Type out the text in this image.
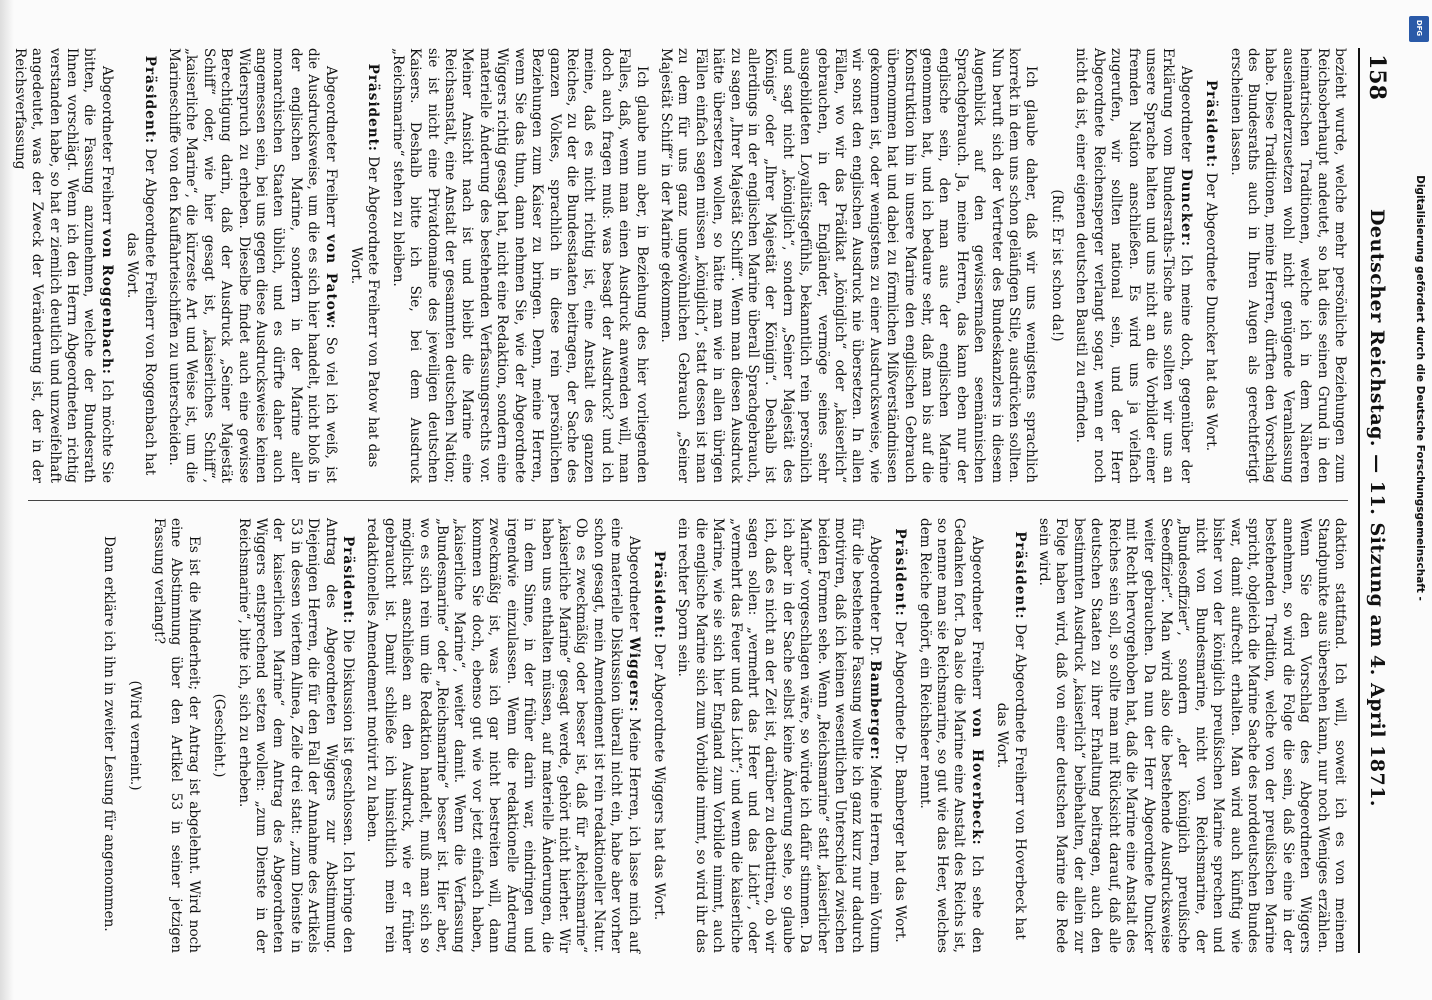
158
Deutscher Reichstag. — 11. Sitzung am 4. April 1871.

bezieht wurde, welche mehr persönliche Beziehungen zum Reichsoberhaupt andeutet, so hat dies seinen Grund in den heimatrischen Traditionen, welche ich in dem Näheren auseinanderzusetzen wohl nicht genügende Veranlassung habe. Diese Traditionen, meine Herren, dürften den Vorschlag des Bundesraths auch in Ihren Augen als gerechtfertigt erscheinen lassen.

Präsident: Der Abgeordnete Duncker hat das Wort.

Abgeordneter Duncker: Ich meine doch, gegenüber der Erklärung vom Bundesraths-Tische aus sollten wir uns an unsere Sprache halten und uns nicht an die Vorbilder einer fremden Nation anschließen. Es wird uns ja vielfach zugerufen, wir sollten national sein, und der Herr Abgeordnete Reichensperger verlangt sogar, wenn er noch nicht da ist, einer eigenen deutschen Baustil zu erfinden.

(Ruf: Er ist schon da!)

Ich glaube daher, daß wir uns wenigstens sprachlich korrekt in dem uns schon geläufigen Stile, ausdrücken sollten. Nun beruft sich der Vertreter des Bundeskanzlers in diesem Augenblick auf den gewissermaßen seemännischen Sprachgebrauch. Ja, meine Herren, das kann eben nur der englische sein, den man aus der englischen Marine genommen hat, und ich bedaure sehr, daß man bis auf die Konstruktion hin in unsere Marine den englischen Gebrauch übernommen hat und dabei zu förmlichen Mißverständnissen gekommen ist, oder wenigstens zu einer Ausdrucksweise, wie wir sonst den englischen Ausdruck nie übersetzen. In allen Fällen, wo wir das Prädikat „königlich“ oder „kaiserlich“ gebrauchen, in der Engländer, vermöge seines sehr ausgebildeten Loyalitätsgefühls, bekanntlich rein persönlich und sagt nicht „königlich“, sondern „Seiner Majestät des Königs“ oder „Ihrer Majestät der Königin“. Deshalb ist allerdings in der englischen Marine überall Sprachgebrauch, zu sagen „Ihrer Majestät Schiff“. Wenn man diesen Ausdruck hätte übersetzen wollen, so hätte man wie in allen übrigen Fällen einfach sagen müssen „königlich“, statt dessen ist man zu dem für uns ganz ungewöhnlichen Gebrauch „Seiner Majestät Schiff“ in der Marine gekommen.

Ich glaube nun aber, in Beziehung des hier vorliegenden Falles, daß, wenn man einen Ausdruck anwenden will, man doch auch fragen muß: was besagt der Ausdruck? und ich meine, daß es nicht richtig ist, eine Anstalt des ganzen Reiches, zu der die Bundesstaaten beitragen, der Sache des ganzen Volkes, sprachlich in diese rein persönlichen Beziehungen zum Kaiser zu bringen. Denn, meine Herren, wenn Sie das thun, dann nehmen Sie, wie der Abgeordnete Wiggers richtig gesagt hat, nicht eine Redaktion, sondern eine materielle Änderung des bestehenden Verfassungsrechts vor. Meiner Ansicht nach ist und bleibt die Marine eine Reichsanstalt, eine Anstalt der gesammten deutschen Nation; sie ist nicht eine Privatdomaine des jeweiligen deutschen Kaisers. Deshalb bitte ich Sie, bei dem Ausdruck „Reichsmarine“ stehen zu bleiben.

Präsident: Der Abgeordnete Freiherr von Patow hat das Wort.

Abgeordneter Freiherr von Patow: So viel ich weiß, ist die Ausdrucksweise, um die es sich hier handelt, nicht bloß in der englischen Marine, sondern in der Marine aller monarchischen Staaten üblich, und es dürfte daher auch angemessen sein, bei uns gegen diese Ausdrucksweise keinen Widerspruch zu erheben. Dieselbe findet auch eine gewisse Berechtigung darin, daß der Ausdruck „Seiner Majestät Schiff“ oder, wie hier gesagt ist, „kaiserliches Schiff“, „kaiserliche Marine“, die kürzeste Art und Weise ist, um die Marineschiffe von den Kauffahrteischiffen zu unterscheiden.

Präsident: Der Abgeordnete Freiherr von Roggenbach hat das Wort.

Abgeordneter Freiherr von Roggenbach: Ich möchte Sie bitten, die Fassung anzunehmen, welche der Bundesrath Ihnen vorschlägt. Wenn ich den Herrn Abgeordneten richtig verstanden habe, so hat er ziemlich deutlich und unzweifelhaft angedeutet, was der Zweck der Veränderung ist, der in der Reichsverfassung

daktion stattfand. Ich will, soweit ich es von meinem Standpunkte aus übersehen kann, nur noch Weniges erzählen. Wenn Sie den Vorschlag des Abgeordneten Wiggers annehmen, so wird die Folge die sein, daß Sie eine in der bestehenden Tradition, welche von der preußischen Marine spricht, obgleich die Marine Sache des norddeutschen Bundes war, damit aufrecht erhalten. Man wird auch künftig wie bisher von der königlich preußischen Marine sprechen und nicht von Bundesmarine, nicht von Reichsmarine, der „Bundesoffizier“, sondern „der königlich preußische Seeoffizier“. Man wird also die bestehende Ausdrucksweise weiter gebrauchen. Da nun der Herr Abgeordnete Duncker mit Recht hervorgehoben hat, daß die Marine eine Anstalt des Reiches sein soll, so sollte man mit Rücksicht darauf, daß alle deutschen Staaten zu ihrer Erhaltung beitragen, auch den bestimmten Ausdruck „kaiserlich“ beibehalten, der allein zur Folge haben wird, daß von einer deutschen Marine die Rede sein wird.

Präsident: Der Abgeordnete Freiherr von Hoverbeck hat das Wort.

Abgeordneter Freiherr von Hoverbeck: Ich sehe den Gedanken fort. Da also die Marine eine Anstalt des Reichs ist, so nenne man sie Reichsmarine, so gut wie das Heer, welches dem Reiche gehört, ein Reichsheer nennt.

Präsident: Der Abgeordnete Dr. Bamberger hat das Wort.

Abgeordneter Dr. Bamberger: Meine Herren, mein Votum für die bestehende Fassung wollte ich ganz kurz nur dadurch motiviren, daß ich keinen wesentlichen Unterschied zwischen beiden Formen sehe. Wenn „Reichsmarine“ statt „kaiserlicher Marine“ vorgeschlagen wäre, so würde ich dafür stimmen. Da ich aber in der Sache selbst keine Änderung sehe, so glaube ich, daß es nicht an der Zeit ist, darüber zu debattiren, ob wir sagen sollen: „vermehrt das Heer und das Licht“, oder „vermehrt das Feuer und das Licht“; und wenn die kaiserliche Marine, wie sie sich hier England zum Vorbilde nimmt, auch die englische Marine sich zum Vorbilde nimmt, so wird ihr das ein rechter Sporn sein.

Präsident: Der Abgeordnete Wiggers hat das Wort.

Abgeordneter Wiggers: Meine Herren, ich lasse mich auf eine materielle Diskussion überall nicht ein, habe aber vorher schon gesagt, mein Amendement ist rein redaktioneller Natur. Ob es zweckmäßig oder besser ist, daß für „Reichsmarine“ „kaiserliche Marine“ gesagt werde, gehört nicht hierher. Wir haben uns enthalten müssen, auf materielle Änderungen, die in dem Sinne, in der früher darin war, eindringen und irgendwie einzulassen. Wenn die redaktionelle Änderung zweckmäßig ist, was ich gar nicht bestreiten will, dann kommen Sie doch, ebenso gut wie vor jetzt einfach haben, „kaiserliche Marine“, weiter damit. Wenn die Verfassung „Bundesmarine“ oder „Reichsmarine“ besser ist. Hier aber, wo es sich rein um die Redaktion handelt, muß man sich so möglichst anschließen an den Ausdruck, wie er früher gebraucht ist. Damit schließe ich hinsichtlich mein rein redaktionelles Amendement motivirt zu haben.

Präsident: Die Diskussion ist geschlossen. Ich bringe den Antrag des Abgeordneten Wiggers zur Abstimmung. Diejenigen Herren, die für den Fall der Annahme des Artikels 53 in dessen viertem Alinea, Zeile drei statt: „zum Dienste in der kaiserlichen Marine“ dem Antrag des Abgeordneten Wiggers entsprechend setzen wollen: „zum Dienste in der Reichsmarine“, bitte ich, sich zu erheben.

(Geschieht.)

Es ist die Minderheit; der Antrag ist abgelehnt. Wird noch eine Abstimmung über den Artikel 53 in seiner jetzigen Fassung verlangt?

(Wird verneint.)

Dann erkläre ich ihn in zweiter Lesung für angenommen.

DFG
Digitalisierung gefördert durch die Deutsche Forschungsgemeinschaft -
